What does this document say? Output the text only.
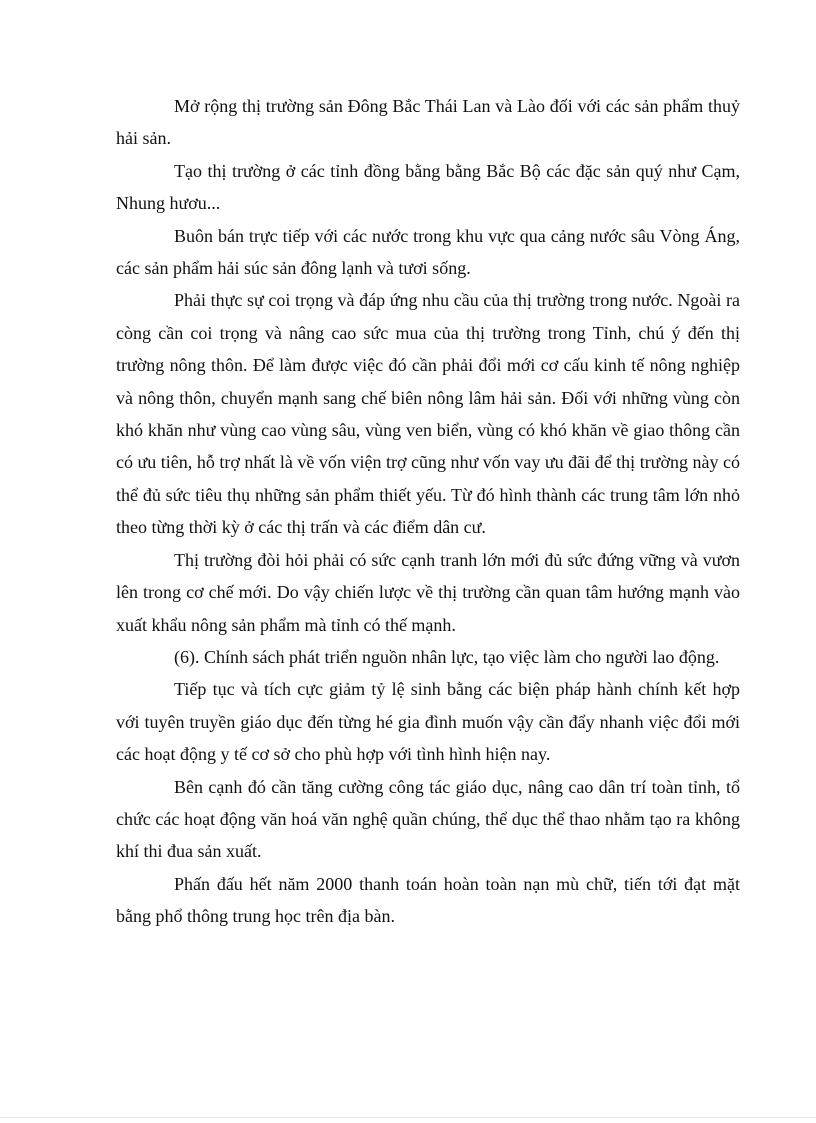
Mở rộng thị trường sản Đông Bắc Thái Lan và Lào đối với các sản phẩm thuỷ hải sản.

Tạo thị trường ở các tỉnh đồng bằng bằng Bắc Bộ các đặc sản quý như Cạm, Nhung hươu...

Buôn bán trực tiếp với các nước trong khu vực qua cảng nước sâu Vòng Áng, các sản phẩm hải súc sản đông lạnh và tươi sống.

Phải thực sự coi trọng và đáp ứng nhu cầu của thị trường trong nước. Ngoài ra còng cần coi trọng và nâng cao sức mua của thị trường trong Tỉnh, chú ý đến thị trường nông thôn. Để làm được việc đó cần phải đổi mới cơ cấu kinh tế nông nghiệp và nông thôn, chuyển mạnh sang chế biên nông lâm hải sản. Đối với những vùng còn khó khăn như vùng cao vùng sâu, vùng ven biển, vùng có khó khăn về giao thông cần có ưu tiên, hỗ trợ nhất là về vốn viện trợ cũng như vốn vay ưu đãi để thị trường này có thể đủ sức tiêu thụ những sản phẩm thiết yếu. Từ đó hình thành các trung tâm lớn nhỏ theo từng thời kỳ ở các thị trấn và các điểm dân cư.

Thị trường đòi hỏi phải có sức cạnh tranh lớn mới đủ sức đứng vững và vươn lên trong cơ chế mới. Do vậy chiến lược về thị trường cần quan tâm hướng mạnh vào xuất khẩu nông sản phẩm mà tỉnh có thế mạnh.

(6). Chính sách phát triển nguồn nhân lực, tạo việc làm cho người lao động.

Tiếp tục và tích cực giảm tỷ lệ sinh bằng các biện pháp hành chính kết hợp với tuyên truyền giáo dục đến từng hé gia đình muốn vậy cần đẩy nhanh việc đổi mới các hoạt động y tế cơ sở cho phù hợp với tình hình hiện nay.

Bên cạnh đó cần tăng cường công tác giáo dục, nâng cao dân trí toàn tỉnh, tổ chức các hoạt động văn hoá văn nghệ quần chúng, thể dục thể thao nhằm tạo ra không khí thi đua sản xuất.

Phấn đấu hết năm 2000 thanh toán hoàn toàn nạn mù chữ, tiến tới đạt mặt bằng phổ thông trung học trên địa bàn.
